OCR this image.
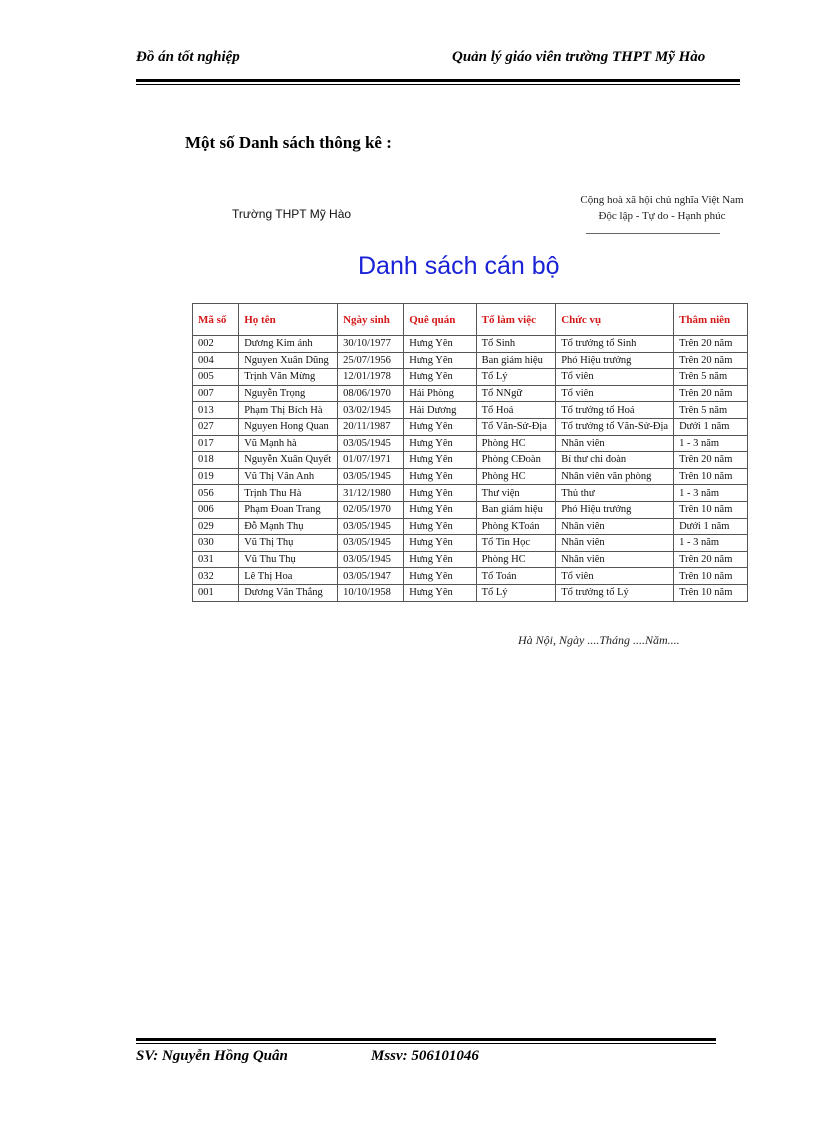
Đồ án tốt nghiệp	Quản lý giáo viên trường THPT Mỹ Hào
Một số Danh sách thông kê :
Trường THPT Mỹ Hào
Cộng hoà xã hội chủ nghĩa Việt Nam
Độc lập - Tự do - Hạnh phúc
Danh sách cán bộ
Mã số	Họ tên	Ngày sinh	Quê quán	Tổ làm việc	Chức vụ	Thâm niên
002	Dương Kim ánh	30/10/1977	Hưng Yên	Tổ Sinh	Tổ trưởng tổ Sinh	Trên 20 năm
004	Nguyen Xuân Dũng	25/07/1956	Hưng Yên	Ban giám hiệu	Phó Hiệu trưởng	Trên 20 năm
005	Trịnh Văn Mừng	12/01/1978	Hưng Yên	Tổ Lý	Tổ viên	Trên 5 năm
007	Nguyễn Trọng	08/06/1970	Hải Phòng	Tổ NNgữ	Tổ viên	Trên 20 năm
013	Phạm Thị Bích Hà	03/02/1945	Hải Dương	Tổ Hoá	Tổ trưởng tổ Hoá	Trên 5 năm
027	Nguyen Hong Quan	20/11/1987	Hưng Yên	Tổ Văn-Sử-Địa	Tổ trưởng tổ Văn-Sử-Địa	Dưới 1 năm
017	Vũ Mạnh hà	03/05/1945	Hưng Yên	Phòng HC	Nhân viên	1 - 3 năm
018	Nguyễn Xuân Quyết	01/07/1971	Hưng Yên	Phòng CĐoàn	Bí thư chi đoàn	Trên 20 năm
019	Vũ Thị Vân Anh	03/05/1945	Hưng Yên	Phòng HC	Nhân viên văn phòng	Trên 10 năm
056	Trịnh Thu Hà	31/12/1980	Hưng Yên	Thư viện	Thủ thư	1 - 3 năm
006	Phạm Đoan Trang	02/05/1970	Hưng Yên	Ban giám hiệu	Phó Hiệu trưởng	Trên 10 năm
029	Đỗ Mạnh Thụ	03/05/1945	Hưng Yên	Phòng KToán	Nhân viên	Dưới 1 năm
030	Vũ Thị Thụ	03/05/1945	Hưng Yên	Tổ Tin Học	Nhân viên	1 - 3 năm
031	Vũ Thu Thụ	03/05/1945	Hưng Yên	Phòng HC	Nhân viên	Trên 20 năm
032	Lê Thị Hoa	03/05/1947	Hưng Yên	Tổ Toán	Tổ viên	Trên 10 năm
001	Dương Văn Thắng	10/10/1958	Hưng Yên	Tổ Lý	Tổ trưởng tổ Lý	Trên 10 năm
Hà Nội, Ngày ....Tháng ....Năm....
SV: Nguyễn Hồng Quân	Mssv: 506101046
